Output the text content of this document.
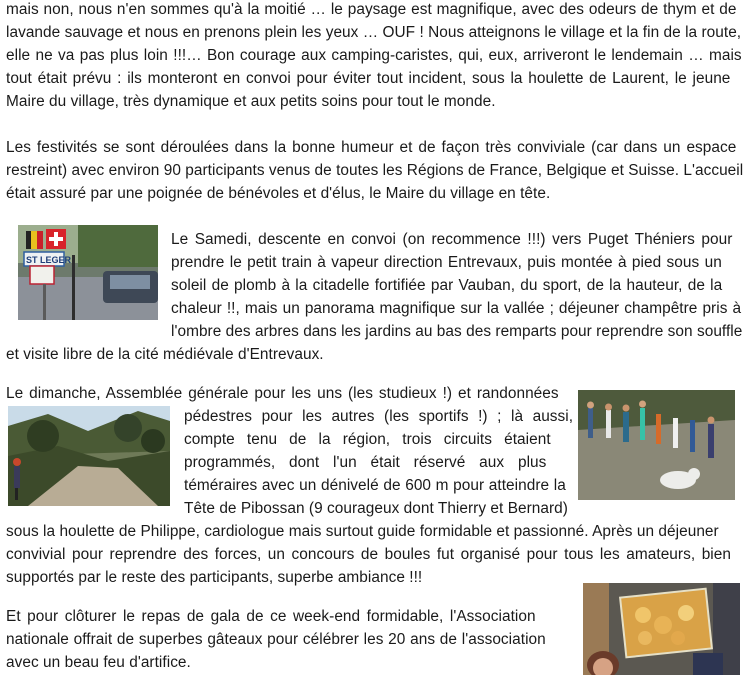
mais non, nous n'en sommes qu'à la moitié … le paysage est magnifique, avec des odeurs de thym et de
lavande sauvage et nous en prenons plein les yeux … OUF ! Nous atteignons le village et la fin de la route,
elle ne va pas plus loin !!!… Bon courage aux camping-caristes, qui, eux, arriveront le lendemain … mais
tout était prévu : ils monteront en convoi pour éviter tout incident, sous la houlette de Laurent, le jeune
Maire du village, très dynamique et aux petits soins pour tout le monde.
Les festivités se sont déroulées dans la bonne humeur et de façon très conviviale (car dans un espace
restreint) avec environ 90 participants venus de toutes les Régions de France, Belgique et Suisse. L'accueil
était assuré par une poignée de bénévoles et d'élus, le Maire du village en tête.
ST LEGER
Le Samedi, descente en convoi (on recommence !!!) vers Puget Théniers pour
prendre le petit train à vapeur direction Entrevaux, puis montée à pied sous un
soleil de plomb à la citadelle fortifiée par Vauban, du sport, de la hauteur, de la
chaleur !!, mais un panorama magnifique sur la vallée ; déjeuner champêtre pris à
l'ombre des arbres dans les jardins au bas des remparts pour reprendre son souffle
et visite libre de la cité médiévale d'Entrevaux.
Le dimanche, Assemblée générale pour les uns (les studieux !) et randonnées
pédestres pour les autres (les sportifs !) ; là aussi,
compte tenu de la région, trois circuits étaient
programmés, dont l'un était réservé aux plus
téméraires avec un dénivelé de 600 m pour atteindre la
Tête de Pibossan (9 courageux dont Thierry et Bernard)
sous la houlette de Philippe, cardiologue mais surtout guide formidable et passionné. Après un déjeuner
convivial pour reprendre des forces, un concours de boules fut organisé pour tous les amateurs, bien
supportés par le reste des participants, superbe ambiance !!!
Et pour clôturer le repas de gala de ce week-end formidable, l'Association
nationale offrait de superbes gâteaux pour célébrer les 20 ans de l'association
avec un beau feu d'artifice.
